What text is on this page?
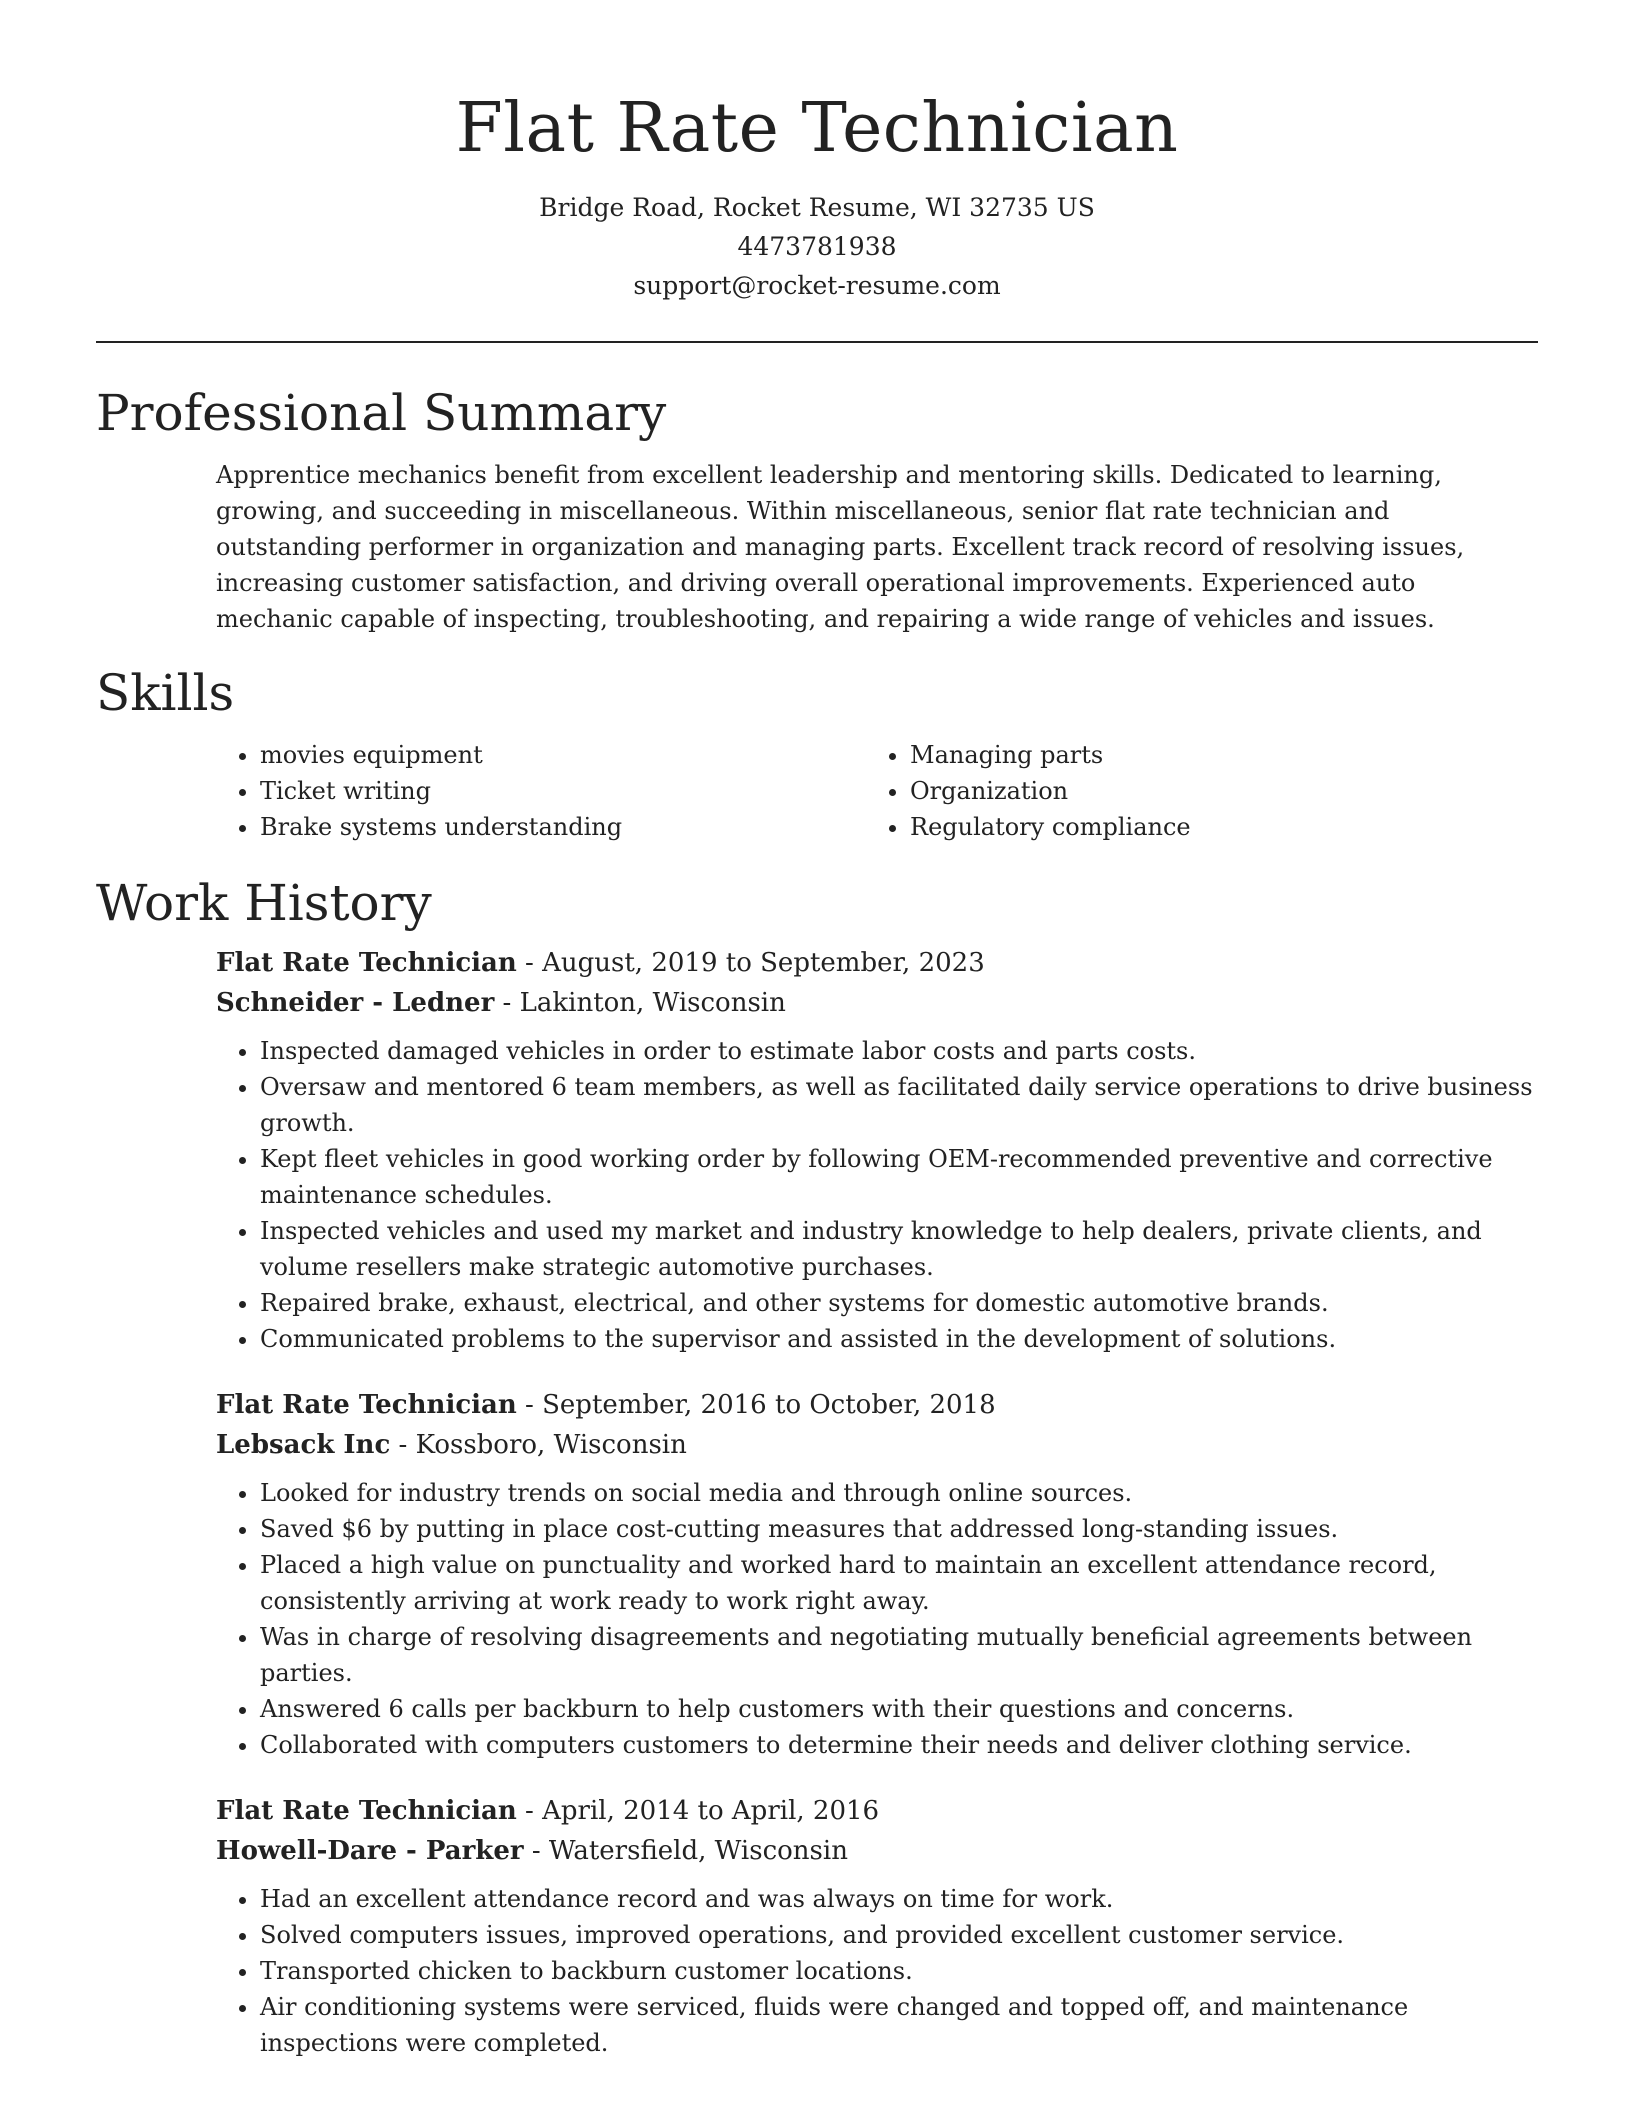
Flat Rate Technician
Bridge Road, Rocket Resume, WI 32735 US
4473781938
support@rocket-resume.com
Professional Summary

Apprentice mechanics benefit from excellent leadership and mentoring skills. Dedicated to learning, growing, and succeeding in miscellaneous. Within miscellaneous, senior flat rate technician and outstanding performer in organization and managing parts. Excellent track record of resolving issues, increasing customer satisfaction, and driving overall operational improvements. Experienced auto mechanic capable of inspecting, troubleshooting, and repairing a wide range of vehicles and issues.

Skills
• movies equipment
• Ticket writing
• Brake systems understanding
• Managing parts
• Organization
• Regulatory compliance
Work History
Flat Rate Technician - August, 2019 to September, 2023
Schneider - Ledner - Lakinton, Wisconsin
• Inspected damaged vehicles in order to estimate labor costs and parts costs.
• Oversaw and mentored 6 team members, as well as facilitated daily service operations to drive business growth.
• Kept fleet vehicles in good working order by following OEM-recommended preventive and corrective maintenance schedules.
• Inspected vehicles and used my market and industry knowledge to help dealers, private clients, and volume resellers make strategic automotive purchases.
• Repaired brake, exhaust, electrical, and other systems for domestic automotive brands.
• Communicated problems to the supervisor and assisted in the development of solutions.
Flat Rate Technician - September, 2016 to October, 2018
Lebsack Inc - Kossboro, Wisconsin
• Looked for industry trends on social media and through online sources.
• Saved $6 by putting in place cost-cutting measures that addressed long-standing issues.
• Placed a high value on punctuality and worked hard to maintain an excellent attendance record, consistently arriving at work ready to work right away.
• Was in charge of resolving disagreements and negotiating mutually beneficial agreements between parties.
• Answered 6 calls per backburn to help customers with their questions and concerns.
• Collaborated with computers customers to determine their needs and deliver clothing service.
Flat Rate Technician - April, 2014 to April, 2016
Howell-Dare - Parker - Watersfield, Wisconsin
• Had an excellent attendance record and was always on time for work.
• Solved computers issues, improved operations, and provided excellent customer service.
• Transported chicken to backburn customer locations.
• Air conditioning systems were serviced, fluids were changed and topped off, and maintenance inspections were completed.
